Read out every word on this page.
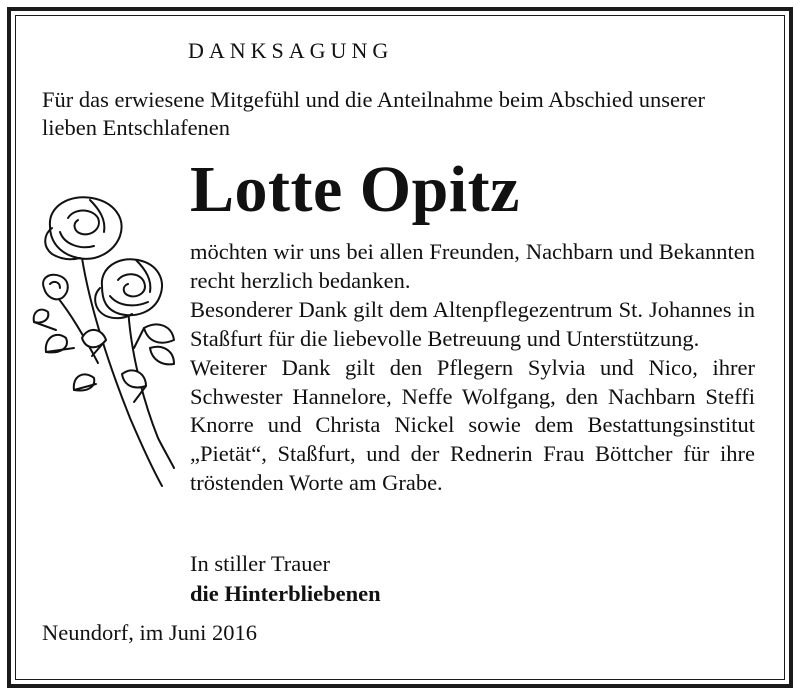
DANKSAGUNG
Für das erwiesene Mitgefühl und die Anteilnahme beim Abschied unserer lieben Entschlafenen
Lotte Opitz

möchten wir uns bei allen Freunden, Nachbarn und Bekannten recht herzlich bedanken.

Besonderer Dank gilt dem Altenpflegezentrum St. Johannes in Staßfurt für die liebevolle Betreuung und Unterstützung.

Weiterer Dank gilt den Pflegern Sylvia und Nico, ihrer Schwester Hannelore, Neffe Wolfgang, den Nachbarn Steffi Knorre und Christa Nickel sowie dem Bestattungsinstitut „Pietät“, Staßfurt, und der Rednerin Frau Böttcher für ihre tröstenden Worte am Grabe.

In stiller Trauer
die Hinterbliebenen
Neundorf, im Juni 2016
